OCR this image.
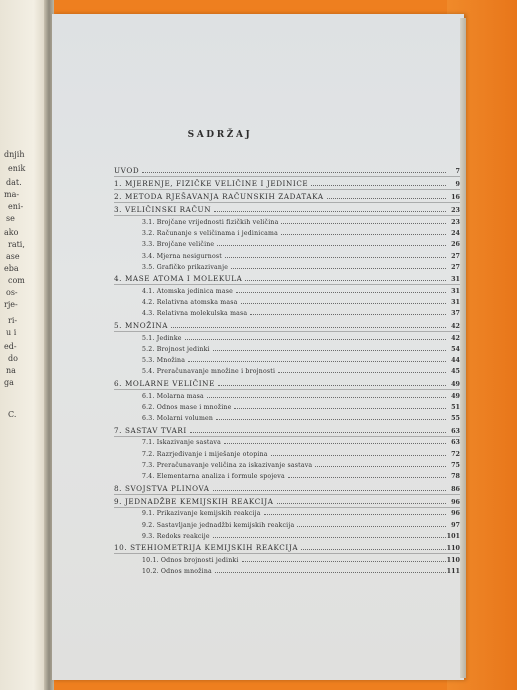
dnjih
enik
dat.
ma-
eni-
se
ako
rati,
ase
eba
com
os-
rje-
ri-
u i
ed-
do
na
ga
C.
SADRŽAJ
UVOD	7
1. MJERENJE, FIZIČKE VELIČINE I JEDINICE	9
2. METODA RJEŠAVANJA RAČUNSKIH ZADATAKA	16
3. VELIČINSKI RAČUN	23
3.1. Brojčane vrijednosti fizičkih veličina	23
3.2. Računanje s veličinama i jedinicama	24
3.3. Brojčane veličine	26
3.4. Mjerna nesigurnost	27
3.5. Grafičko prikazivanje	27
4. MASE ATOMA I MOLEKULA	31
4.1. Atomska jedinica mase	31
4.2. Relativna atomska masa	31
4.3. Relativna molekulska masa	37
5. MNOŽINA	42
5.1. Jedinke	42
5.2. Brojnost jedinki	54
5.3. Množina	44
5.4. Preračunavanje množine i brojnosti	45
6. MOLARNE VELIČINE	49
6.1. Molarna masa	49
6.2. Odnos mase i množine	51
6.3. Molarni volumen	55
7. SASTAV TVARI	63
7.1. Iskazivanje sastava	63
7.2. Razrjeđivanje i miješanje otopina	72
7.3. Preračunavanje veličina za iskazivanje sastava	75
7.4. Elementarna analiza i formule spojeva	78
8. SVOJSTVA PLINOVA	86
9. JEDNADŽBE KEMIJSKIH REAKCIJA	96
9.1. Prikazivanje kemijskih reakcija	96
9.2. Sastavljanje jednadžbi kemijskih reakcija	97
9.3. Redoks reakcije	101
10. STEHIOMETRIJA KEMIJSKIH REAKCIJA	110
10.1. Odnos brojnosti jedinki	110
10.2. Odnos množina	111
